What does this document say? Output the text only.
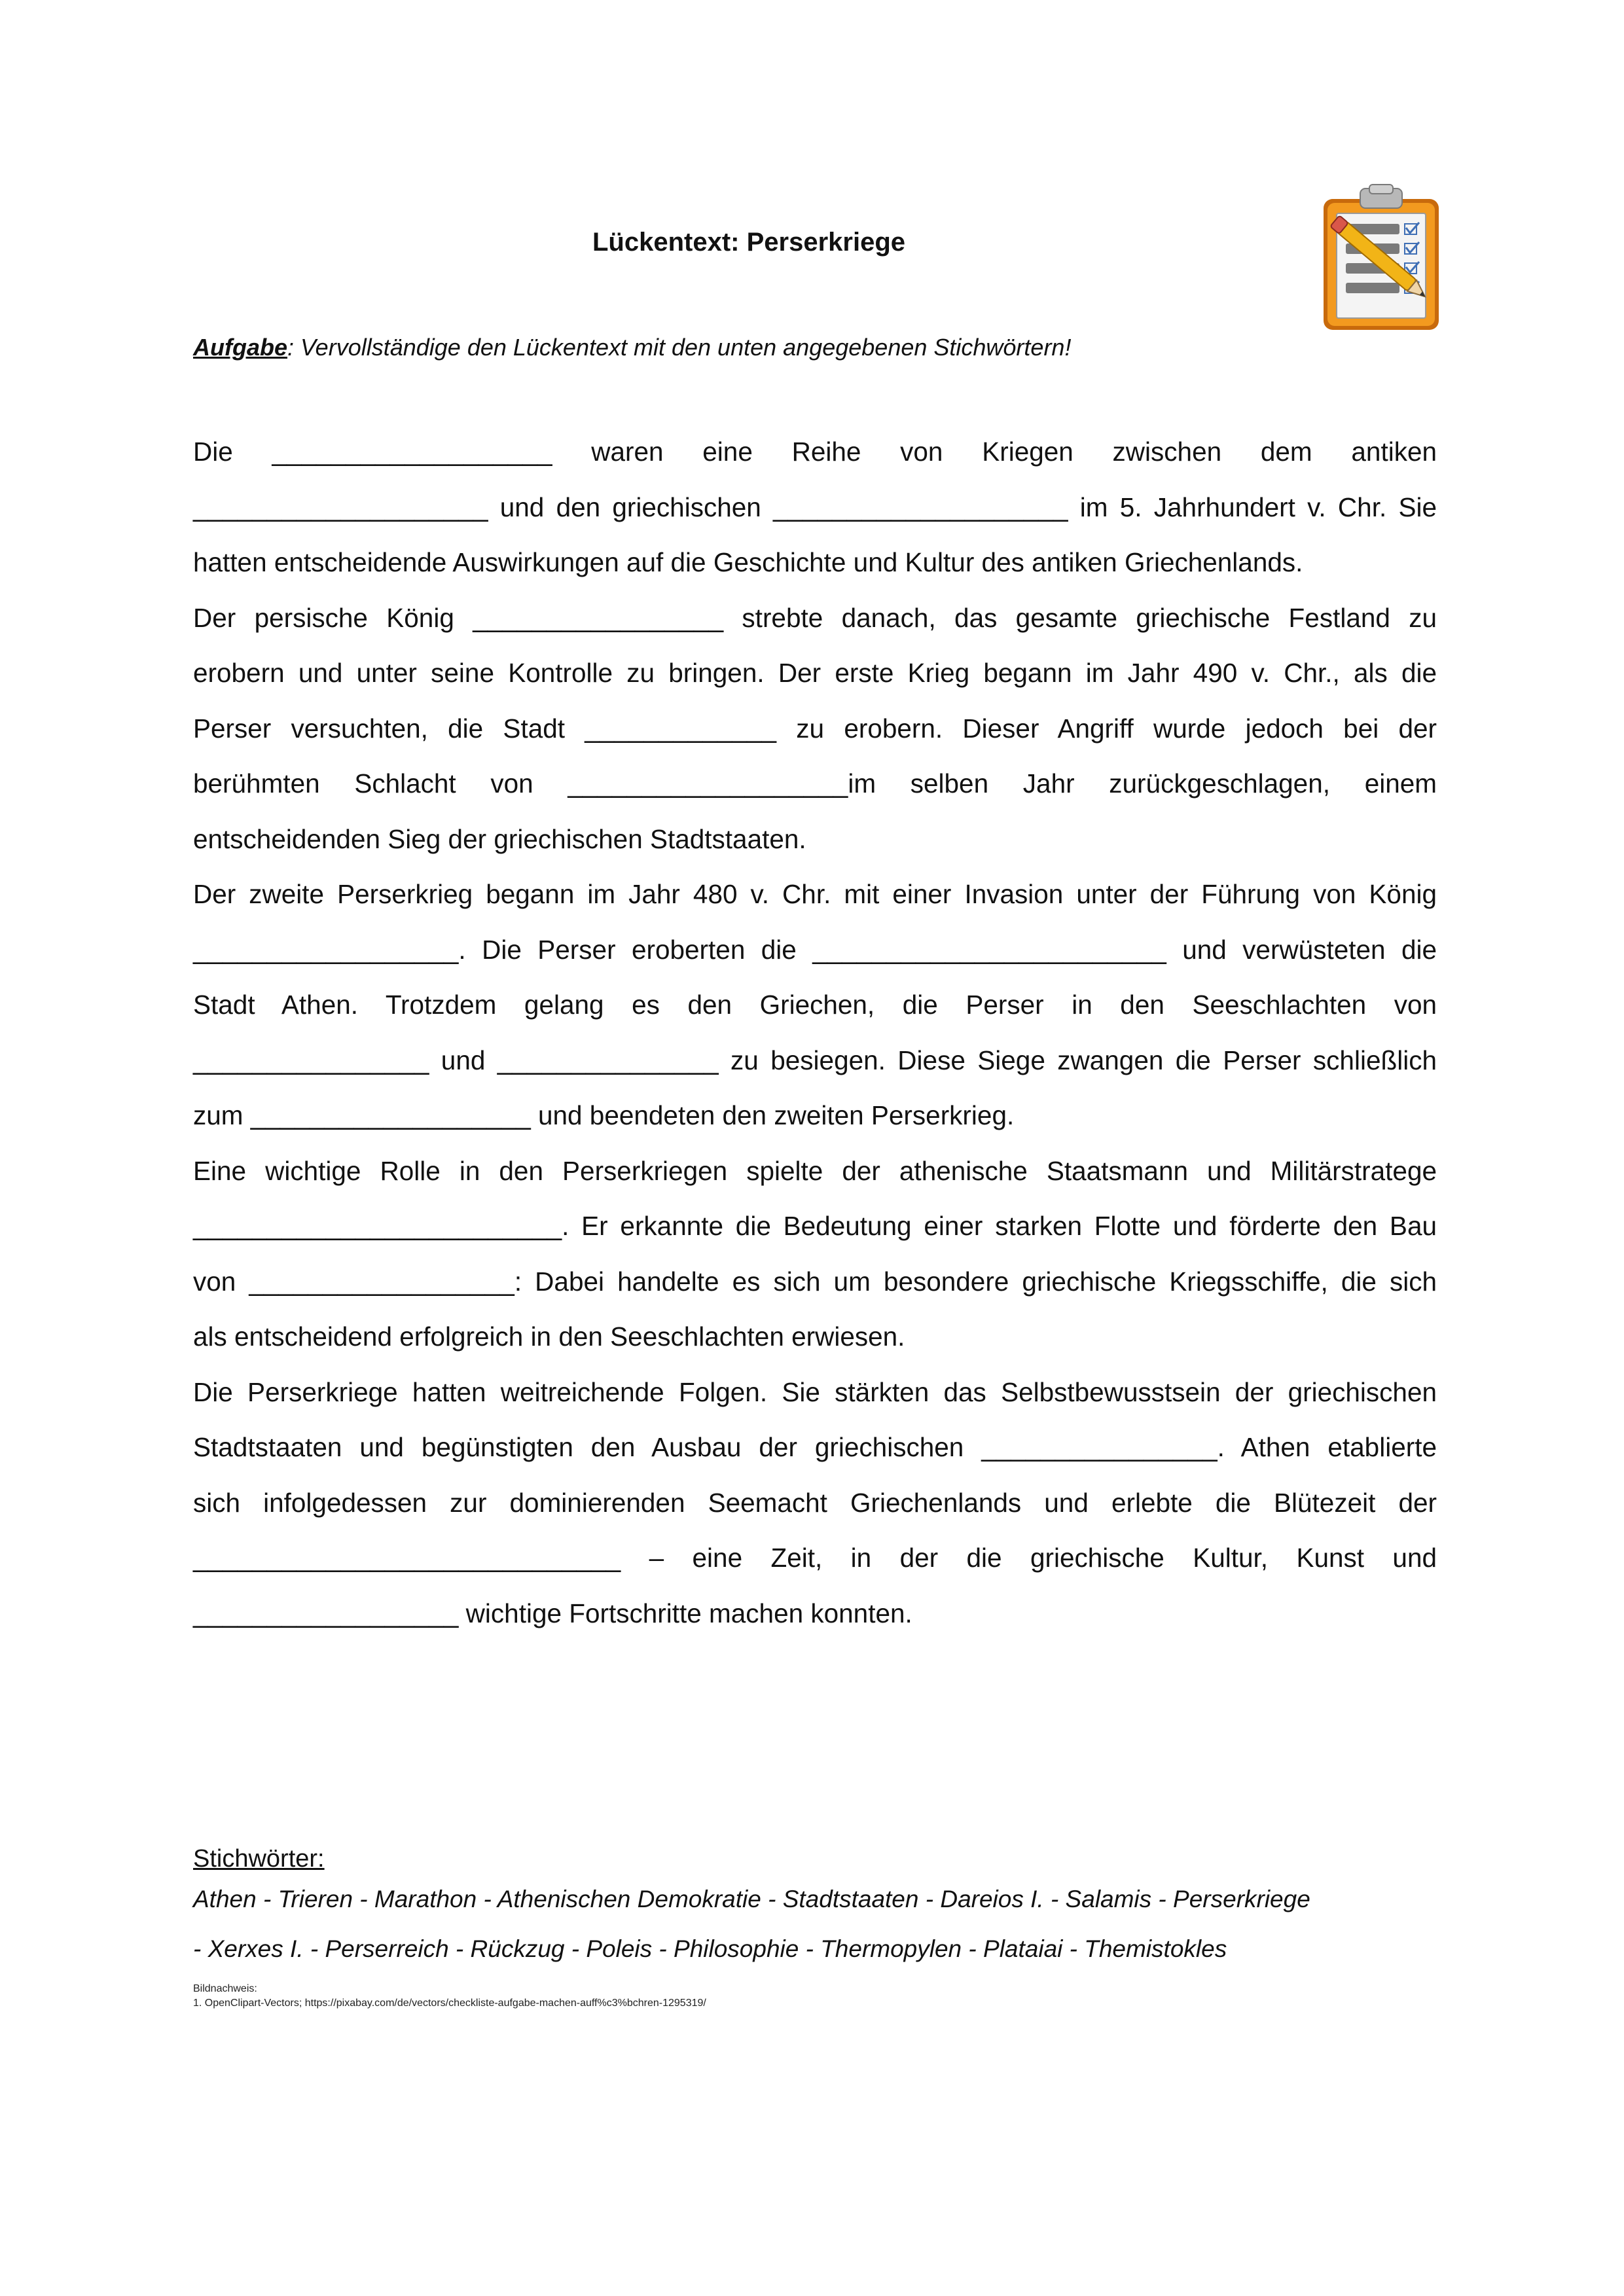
Lückentext: Perserkriege
Aufgabe: Vervollständige den Lückentext mit den unten angegebenen Stichwörtern!
Die ___________________ waren eine Reihe von Kriegen zwischen dem antiken
____________________ und den griechischen ____________________ im 5. Jahrhundert v. Chr. Sie
hatten entscheidende Auswirkungen auf die Geschichte und Kultur des antiken Griechenlands.
Der persische König _________________ strebte danach, das gesamte griechische Festland zu
erobern und unter seine Kontrolle zu bringen. Der erste Krieg begann im Jahr 490 v. Chr., als die
Perser versuchten, die Stadt _____________ zu erobern. Dieser Angriff wurde jedoch bei der
berühmten Schlacht von ___________________im selben Jahr zurückgeschlagen, einem
entscheidenden Sieg der griechischen Stadtstaaten.
Der zweite Perserkrieg begann im Jahr 480 v. Chr. mit einer Invasion unter der Führung von König
__________________. Die Perser eroberten die ________________________ und verwüsteten die
Stadt Athen. Trotzdem gelang es den Griechen, die Perser in den Seeschlachten von
________________ und _______________ zu besiegen. Diese Siege zwangen die Perser schließlich
zum ___________________ und beendeten den zweiten Perserkrieg.
Eine wichtige Rolle in den Perserkriegen spielte der athenische Staatsmann und Militärstratege
_________________________. Er erkannte die Bedeutung einer starken Flotte und förderte den Bau
von __________________: Dabei handelte es sich um besondere griechische Kriegsschiffe, die sich
als entscheidend erfolgreich in den Seeschlachten erwiesen.
Die Perserkriege hatten weitreichende Folgen. Sie stärkten das Selbstbewusstsein der griechischen
Stadtstaaten und begünstigten den Ausbau der griechischen ________________. Athen etablierte
sich infolgedessen zur dominierenden Seemacht Griechenlands und erlebte die Blütezeit der
_____________________________ – eine Zeit, in der die griechische Kultur, Kunst und
__________________ wichtige Fortschritte machen konnten.
Stichwörter:
Athen - Trieren - Marathon - Athenischen Demokratie - Stadtstaaten - Dareios I. - Salamis - Perserkriege
- Xerxes I. - Perserreich - Rückzug - Poleis - Philosophie - Thermopylen - Plataiai - Themistokles
Bildnachweis:
1. OpenClipart-Vectors; https://pixabay.com/de/vectors/checkliste-aufgabe-machen-auff%c3%bchren-1295319/
